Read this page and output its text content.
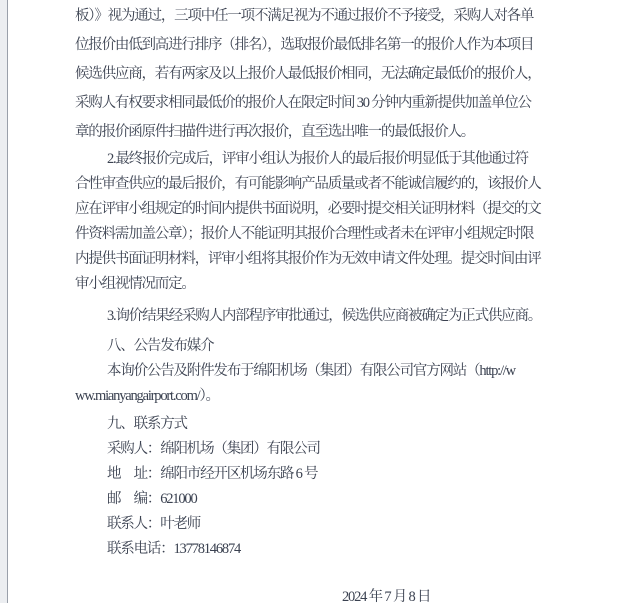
板）》视为通过，三项中任一项不满足视为不通过报价不予接受，采购人对各单
位报价由低到高进行排序（排名），选取报价最低排名第一的报价人作为本项目
候选供应商，若有两家及以上报价人最低报价相同，无法确定最低价的报价人，
采购人有权要求相同最低价的报价人在限定时间 30 分钟内重新提供加盖单位公
章的报价函原件扫描件进行再次报价，直至选出唯一的最低报价人。
2.最终报价完成后，评审小组认为报价人的最后报价明显低于其他通过符
合性审查供应的最后报价，有可能影响产品质量或者不能诚信履约的，该报价人
应在评审小组规定的时间内提供书面说明，必要时提交相关证明材料（提交的文
件资料需加盖公章）；报价人不能证明其报价合理性或者未在评审小组规定时限
内提供书面证明材料，评审小组将其报价作为无效申请文件处理。提交时间由评
审小组视情况而定。
3.询价结果经采购人内部程序审批通过，候选供应商被确定为正式供应商。
八、公告发布媒介
本询价公告及附件发布于绵阳机场（集团）有限公司官方网站（http://w
ww.mianyangairport.com/）。
九、联系方式
采购人：绵阳机场（集团）有限公司
地　址：绵阳市经开区机场东路 6 号
邮　编：621000
联系人：叶老师
联系电话：13778146874
2024 年 7 月 8 日
